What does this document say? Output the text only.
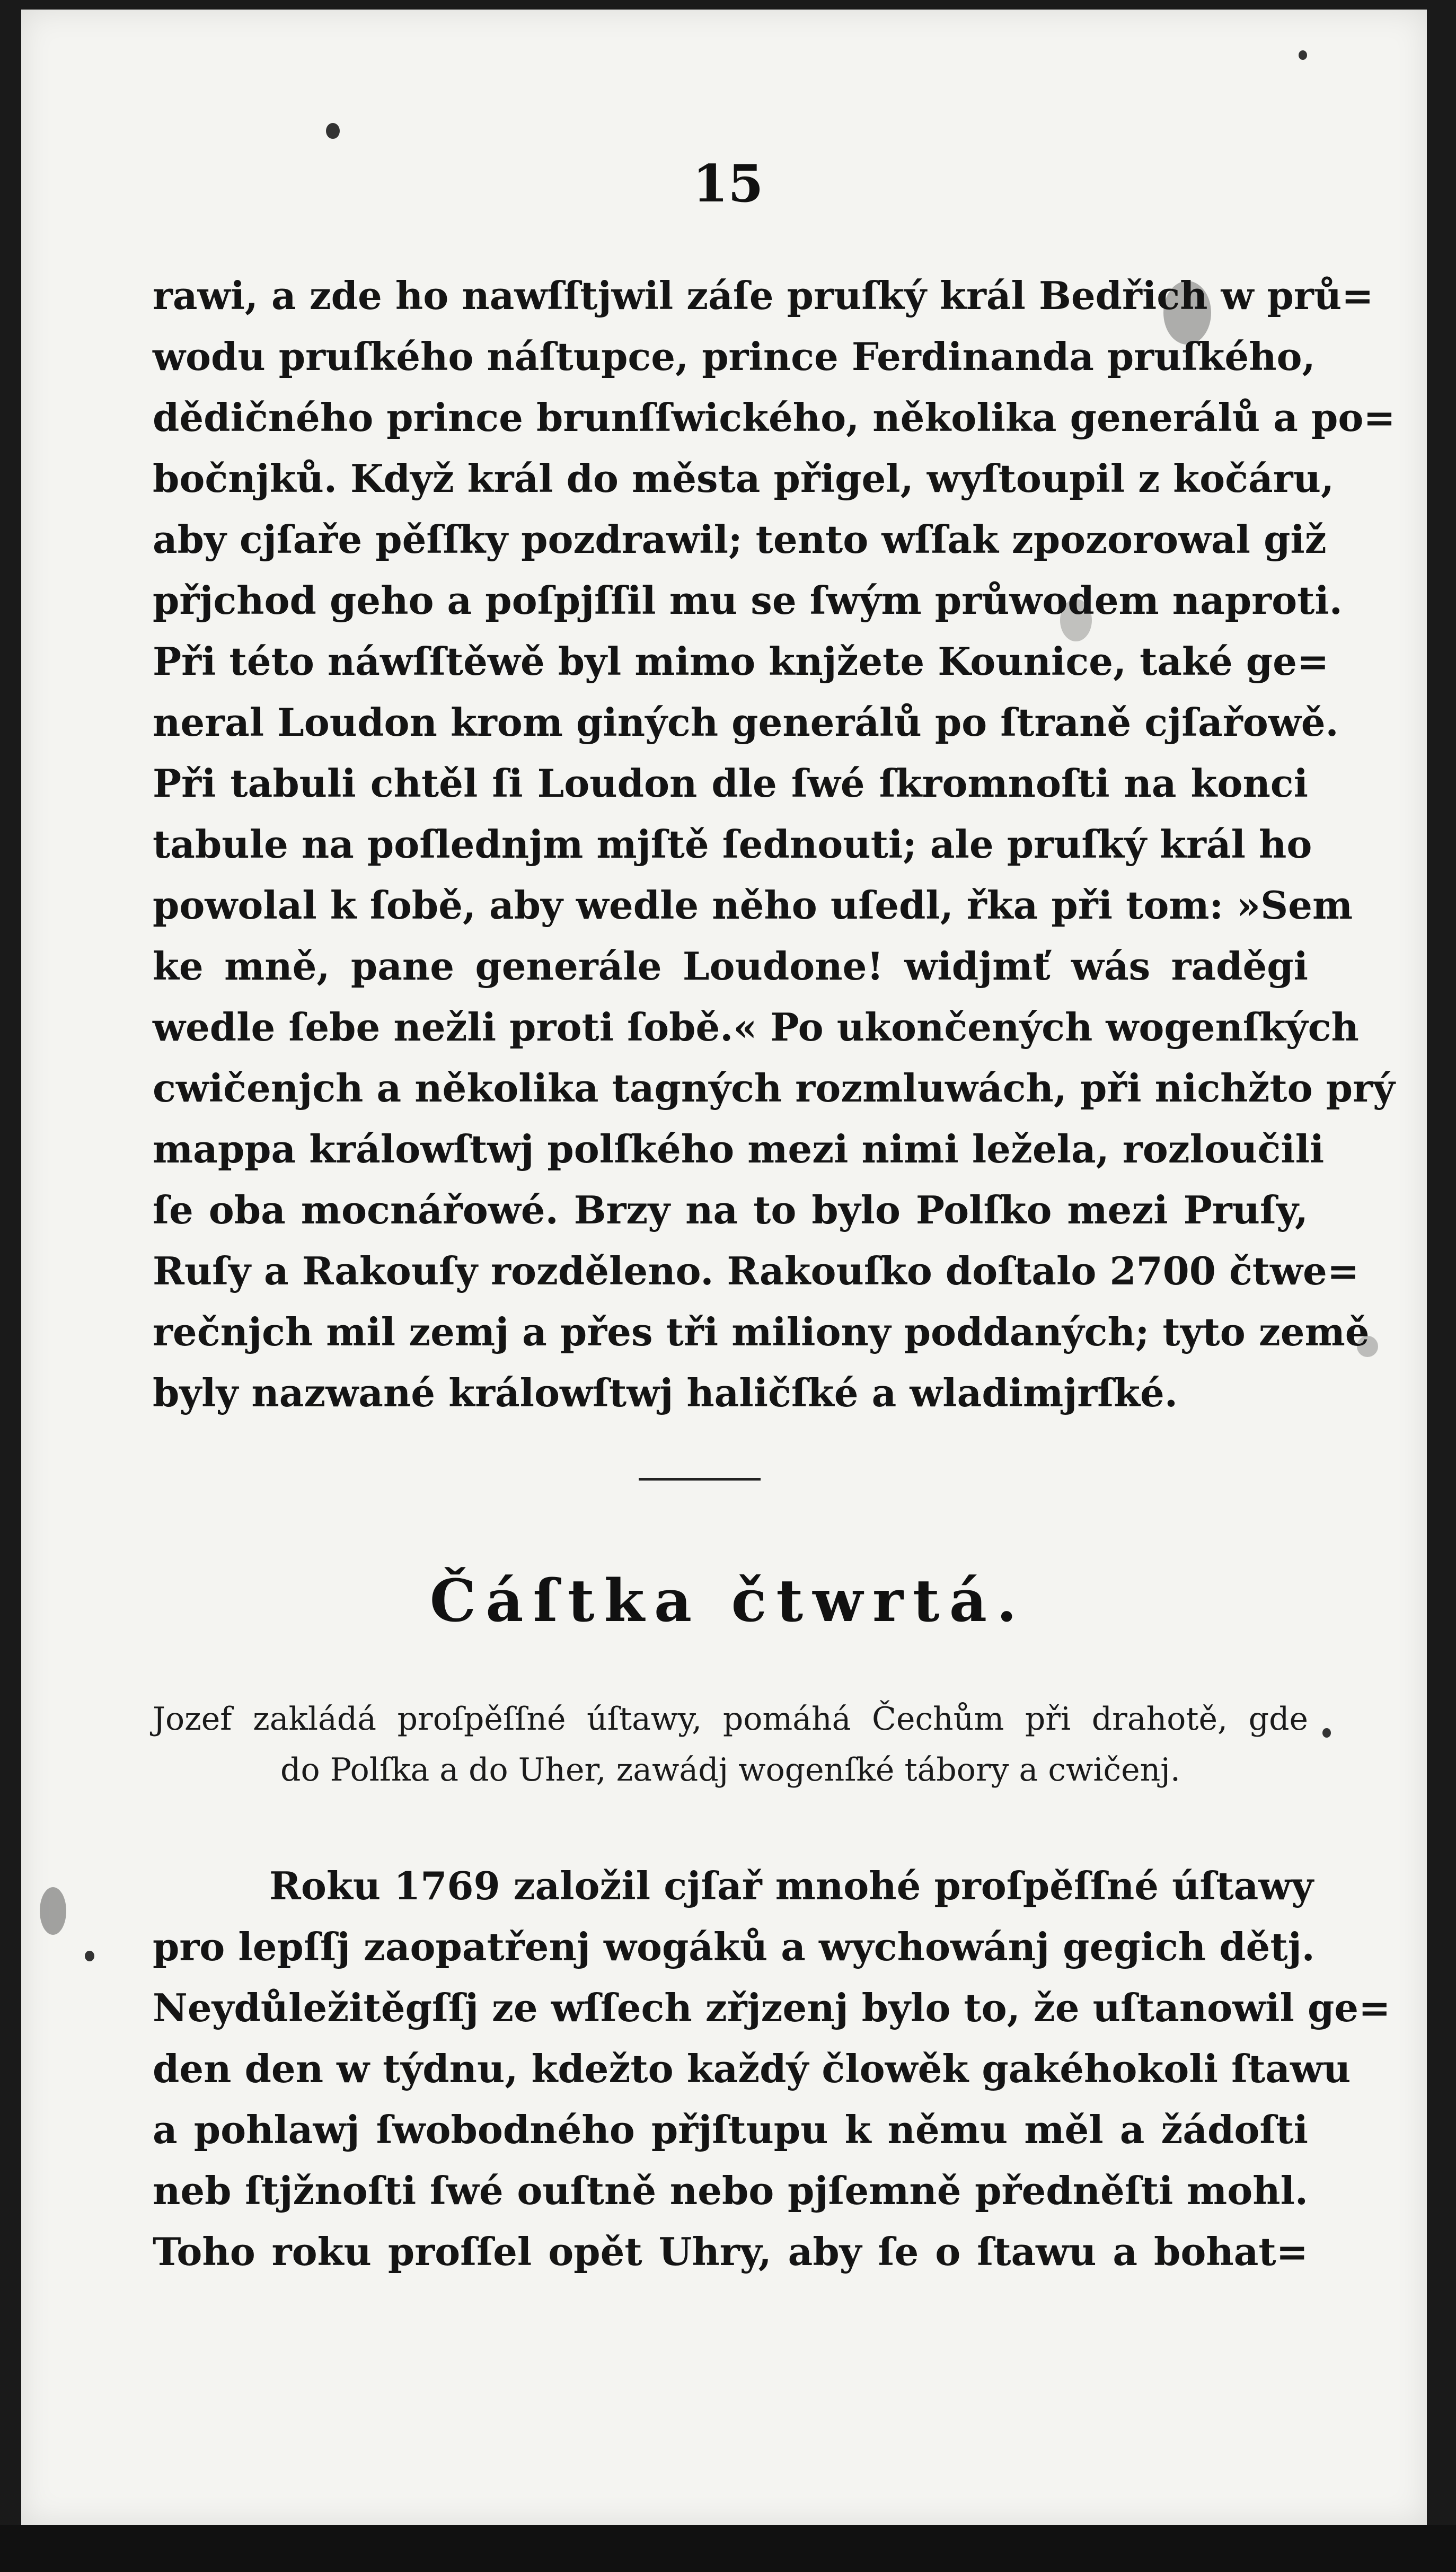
15
rawi, a zde ho nawſſtjwil záſe pruſký král Bedřich w prů=
wodu pruſkého náſtupce, prince Ferdinanda pruſkého,
dědičného prince brunſſwického, několika generálů a po=
bočnjků. Když král do města přigel, wyſtoupil z kočáru,
aby cjſaře pěſſky pozdrawil; tento wſſak zpozorowal giž
přjchod geho a poſpjſſil mu se ſwým průwodem naproti.
Při této náwſſtěwě byl mimo knjžete Kounice, také ge=
neral Loudon krom giných generálů po ſtraně cjſařowě.
Při tabuli chtěl ſi Loudon dle ſwé ſkromnoſti na konci
tabule na poſlednjm mjſtě ſednouti; ale pruſký král ho
powolal k ſobě, aby wedle něho uſedl, řka při tom: »Sem
ke mně, pane generále Loudone! widjmť wás raděgi
wedle ſebe nežli proti ſobě.« Po ukončených wogenſkých
cwičenjch a několika tagných rozmluwách, při nichžto prý
mappa králowſtwj polſkého mezi nimi ležela, rozloučili
ſe oba mocnářowé. Brzy na to bylo Polſko mezi Pruſy,
Ruſy a Rakouſy rozděleno. Rakouſko doſtalo 2700 čtwe=
rečnjch mil zemj a přes tři miliony poddaných; tyto země
byly nazwané králowſtwj haličſké a wladimjrſké.
Čáſtka čtwrtá.
Jozef zakládá proſpěſſné úſtawy, pomáhá Čechům při drahotě, gde
do Polſka a do Uher, zawádj wogenſké tábory a cwičenj.
Roku 1769 založil cjſař mnohé proſpěſſné úſtawy
pro lepſſj zaopatřenj wogáků a wychowánj gegich dětj.
Neydůležitěgſſj ze wſſech zřjzenj bylo to, že uſtanowil ge=
den den w týdnu, kdežto každý člowěk gakéhokoli ſtawu
a pohlawj ſwobodného přjſtupu k němu měl a žádoſti
neb ſtjžnoſti ſwé ouſtně nebo pjſemně předněſti mohl.
Toho roku proſſel opět Uhry, aby ſe o ſtawu a bohat=
